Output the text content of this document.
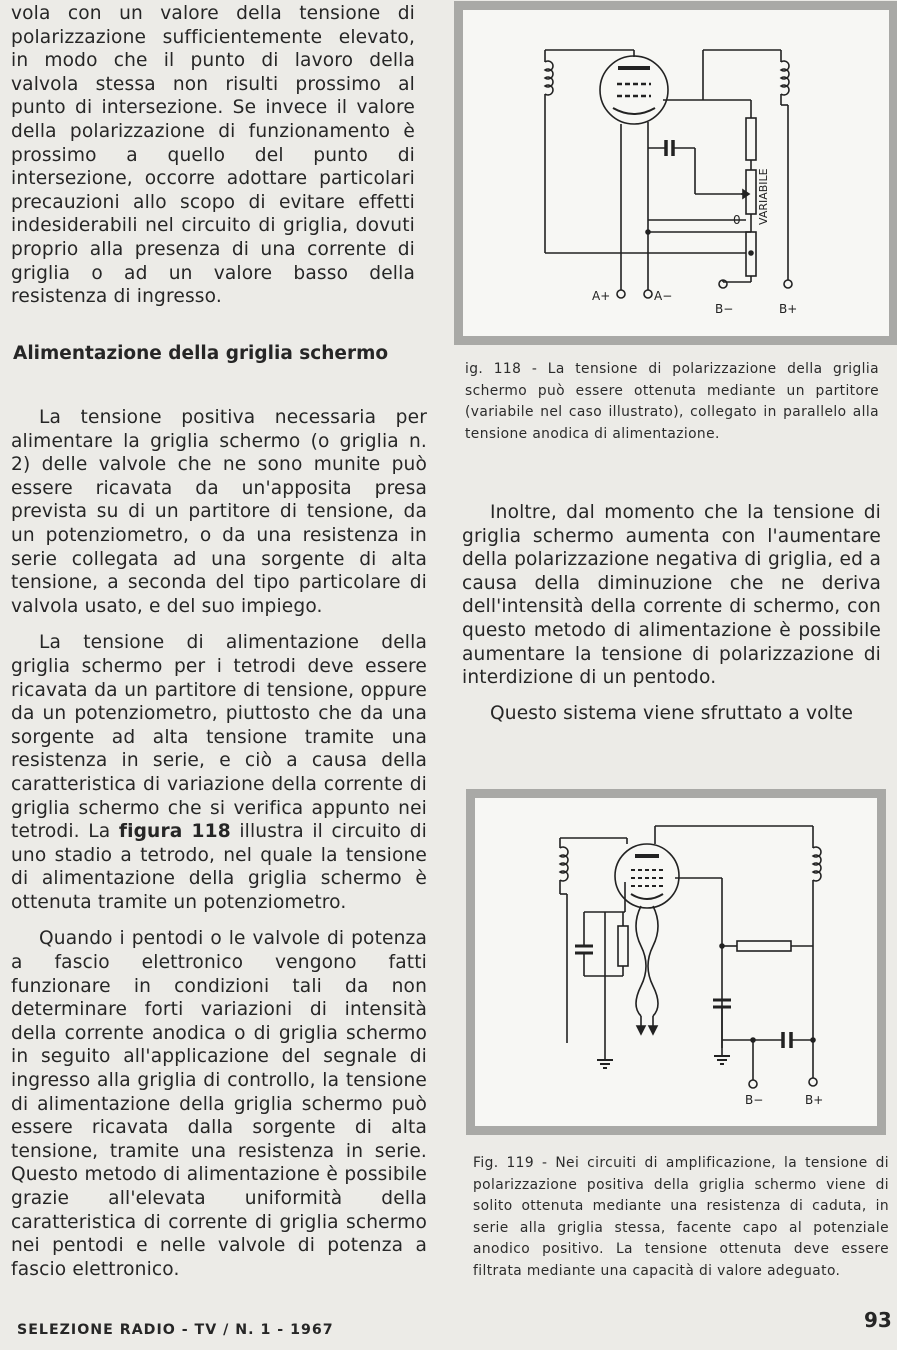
vola con un valore della tensione di polarizzazione sufficientemente elevato, in modo che il punto di lavoro della valvola stessa non risulti prossimo al punto di intersezione. Se invece il valore della polarizzazione di funzionamento è prossimo a quello del punto di intersezione, occorre adottare particolari precauzioni allo scopo di evitare effetti indesiderabili nel circuito di griglia, dovuti proprio alla presenza di una corrente di griglia o ad un valore basso della resistenza di ingresso.

Alimentazione della griglia schermo

La tensione positiva necessaria per alimentare la griglia schermo (o griglia n. 2) delle valvole che ne sono munite può essere ricavata da un'apposita presa prevista su di un partitore di tensione, da un potenziometro, o da una resistenza in serie collegata ad una sorgente di alta tensione, a seconda del tipo particolare di valvola usato, e del suo impiego.

La tensione di alimentazione della griglia schermo per i tetrodi deve essere ricavata da un partitore di tensione, oppure da un potenziometro, piuttosto che da una sorgente ad alta tensione tramite una resistenza in serie, e ciò a causa della caratteristica di variazione della corrente di griglia schermo che si verifica appunto nei tetrodi. La figura 118 illustra il circuito di uno stadio a tetrodo, nel quale la tensione di alimentazione della griglia schermo è ottenuta tramite un potenziometro.

Quando i pentodi o le valvole di potenza a fascio elettronico vengono fatti funzionare in condizioni tali da non determinare forti variazioni di intensità della corrente anodica o di griglia schermo in seguito all'applicazione del segnale di ingresso alla griglia di controllo, la tensione di alimentazione della griglia schermo può essere ricavata dalla sorgente di alta tensione, tramite una resistenza in serie. Questo metodo di alimentazione è possibile grazie all'elevata uniformità della caratteristica di corrente di griglia schermo nei pentodi e nelle valvole di potenza a fascio elettronico.

VARIABILE
0
A+	A−
B−	B+
ig. 118 - La tensione di polarizzazione della griglia schermo può essere ottenuta mediante un partitore (variabile nel caso illustrato), collegato in parallelo alla tensione anodica di alimentazione.

Inoltre, dal momento che la tensione di griglia schermo aumenta con l'aumentare della polarizzazione negativa di griglia, ed a causa della diminuzione che ne deriva dell'intensità della corrente di schermo, con questo metodo di alimentazione è possibile aumentare la tensione di polarizzazione di interdizione di un pentodo.

Questo sistema viene sfruttato a volte

B−	B+
Fig. 119 - Nei circuiti di amplificazione, la tensione di polarizzazione positiva della griglia schermo viene di solito ottenuta mediante una resistenza di caduta, in serie alla griglia stessa, facente capo al potenziale anodico positivo. La tensione ottenuta deve essere filtrata mediante una capacità di valore adeguato.
SELEZIONE RADIO - TV / N. 1 - 1967	93
